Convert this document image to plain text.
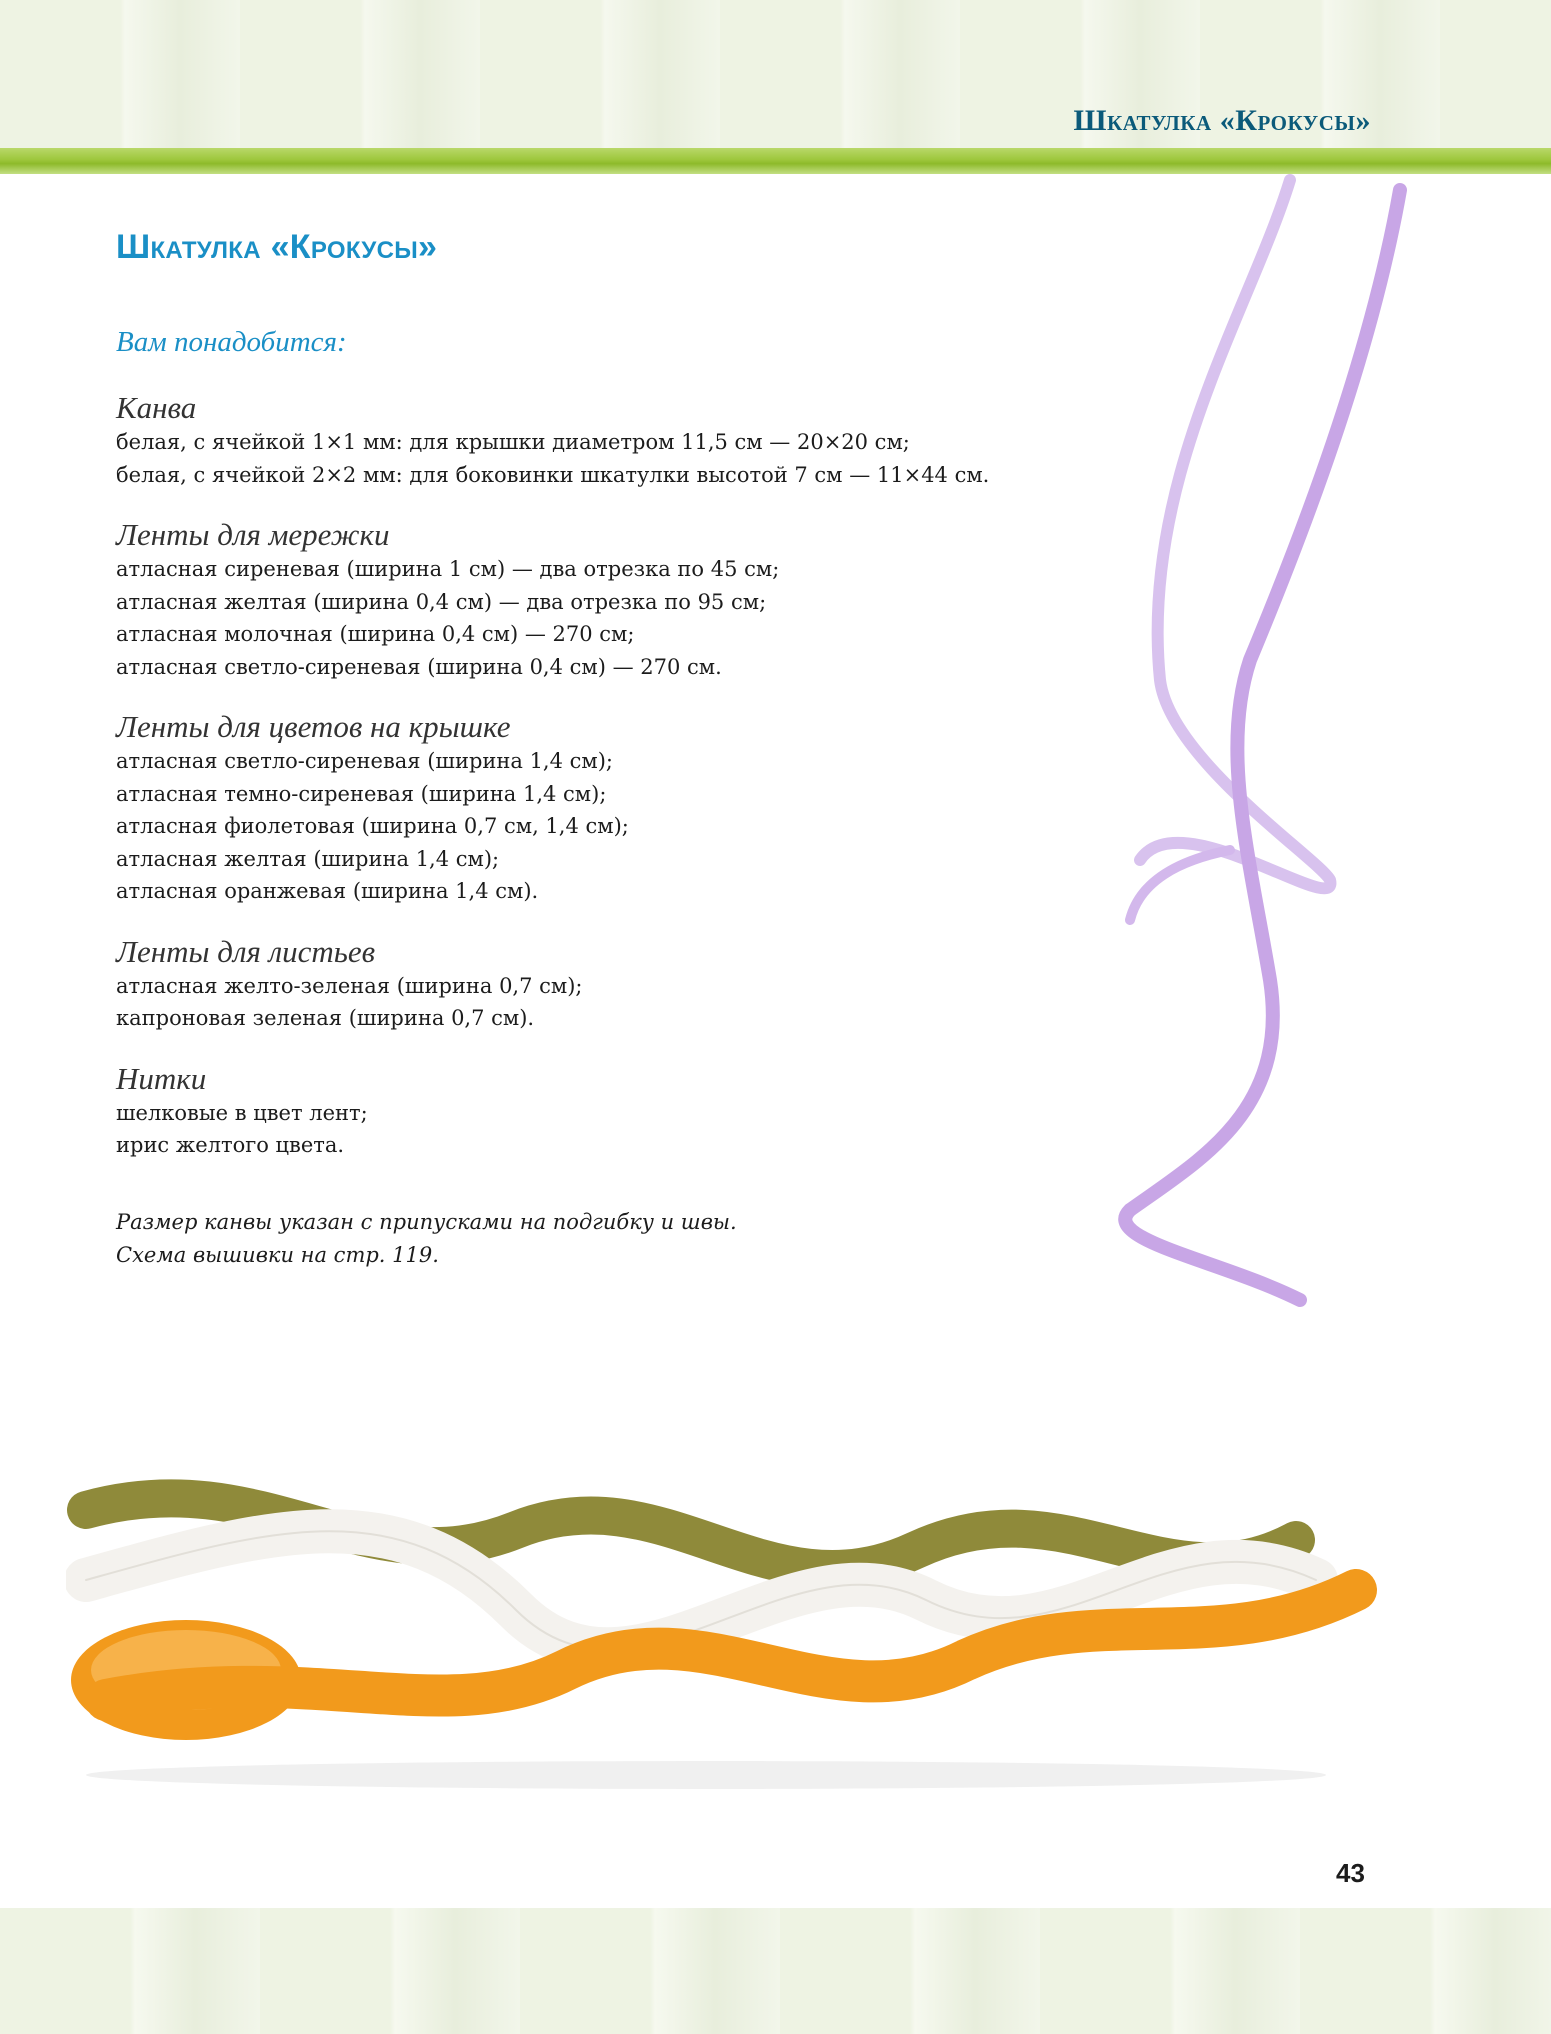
Шкатулка «Крокусы»
Шкатулка «Крокусы»
Вам понадобится:

Канва

белая, с ячейкой 1×1 мм: для крышки диаметром 11,5 см — 20×20 см;
белая, с ячейкой 2×2 мм: для боковинки шкатулки высотой 7 см — 11×44 см.

Ленты для мережки

атласная сиреневая (ширина 1 см) — два отрезка по 45 см;
атласная желтая (ширина 0,4 см) — два отрезка по 95 см;
атласная молочная (ширина 0,4 см) — 270 см;
атласная светло-сиреневая (ширина 0,4 см) — 270 см.

Ленты для цветов на крышке

атласная светло-сиреневая (ширина 1,4 см);
атласная темно-сиреневая (ширина 1,4 см);
атласная фиолетовая (ширина 0,7 см, 1,4 см);
атласная желтая (ширина 1,4 см);
атласная оранжевая (ширина 1,4 см).

Ленты для листьев

атласная желто-зеленая (ширина 0,7 см);
капроновая зеленая (ширина 0,7 см).

Нитки

шелковые в цвет лент;
ирис желтого цвета.
Размер канвы указан с припусками на подгибку и швы.
Схема вышивки на стр. 119.
43
